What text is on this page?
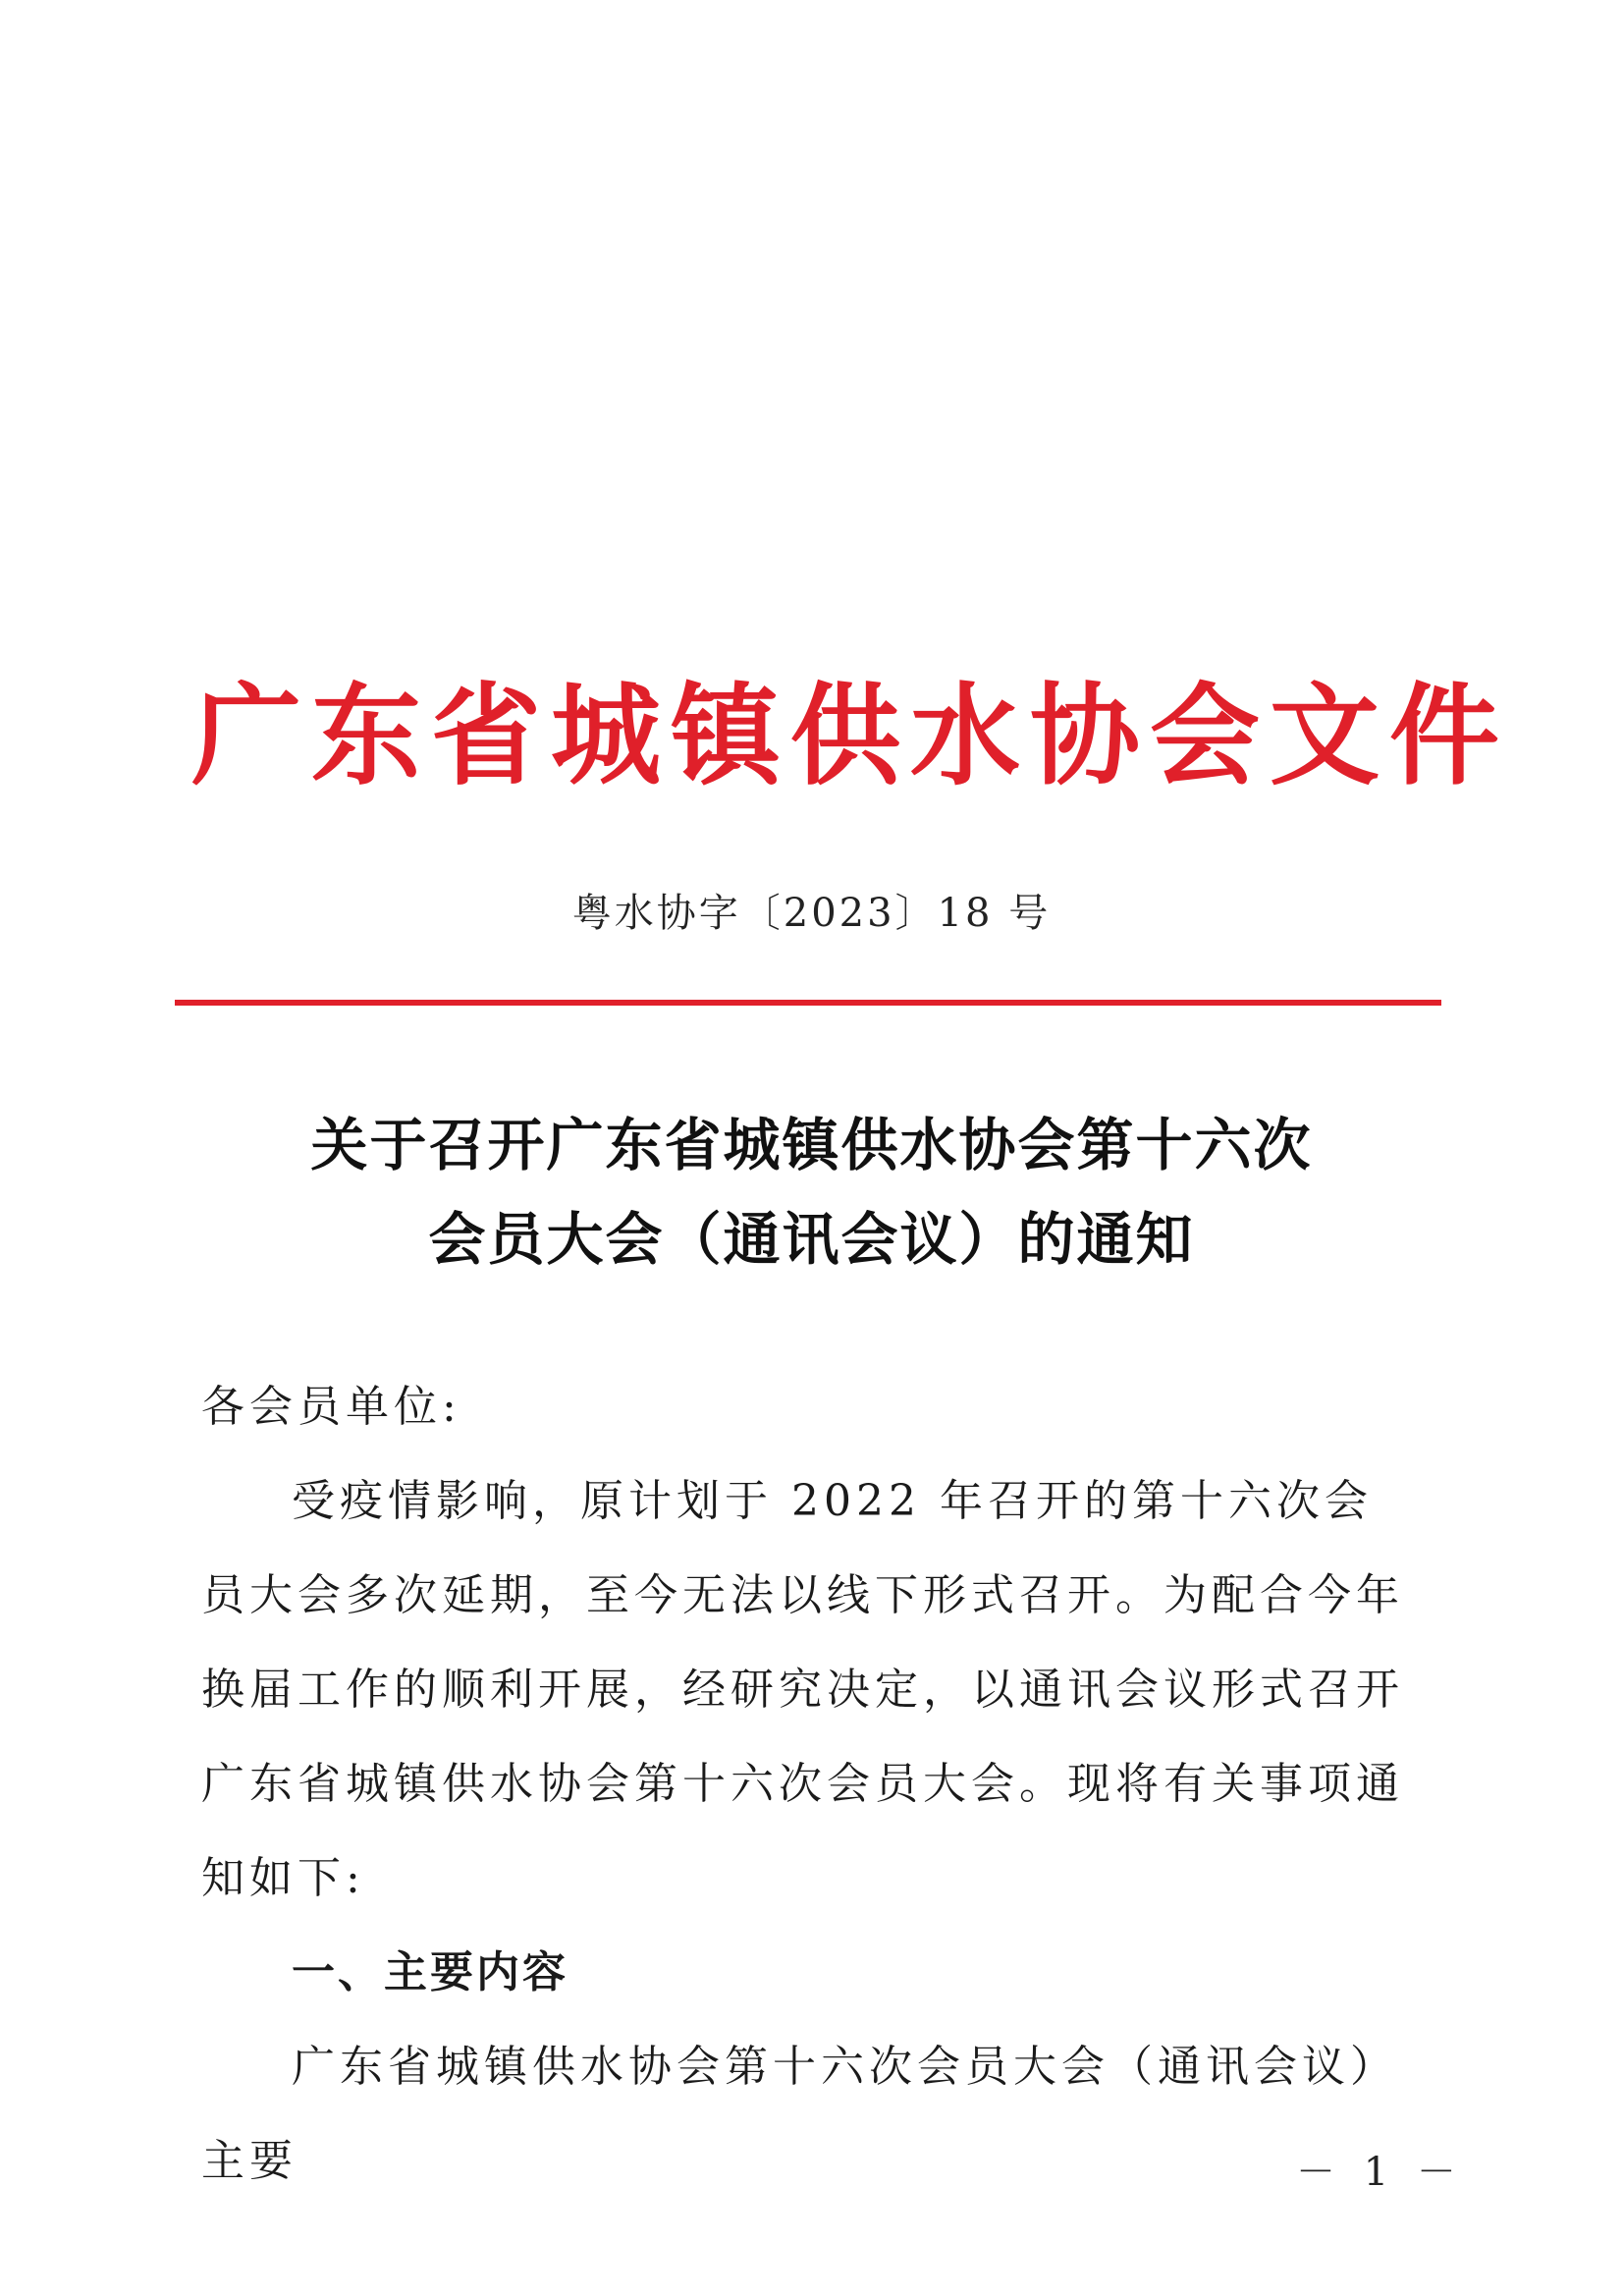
广东省城镇供水协会文件
粤水协字〔2023〕18 号
关于召开广东省城镇供水协会第十六次
会员大会（通讯会议）的通知

各会员单位:

受疫情影响，原计划于 2022 年召开的第十六次会员大会多次延期，至今无法以线下形式召开。为配合今年换届工作的顺利开展，经研究决定，以通讯会议形式召开广东省城镇供水协会第十六次会员大会。现将有关事项通知如下:

一、主要内容

广东省城镇供水协会第十六次会员大会（通讯会议）主要	－ 1 －
